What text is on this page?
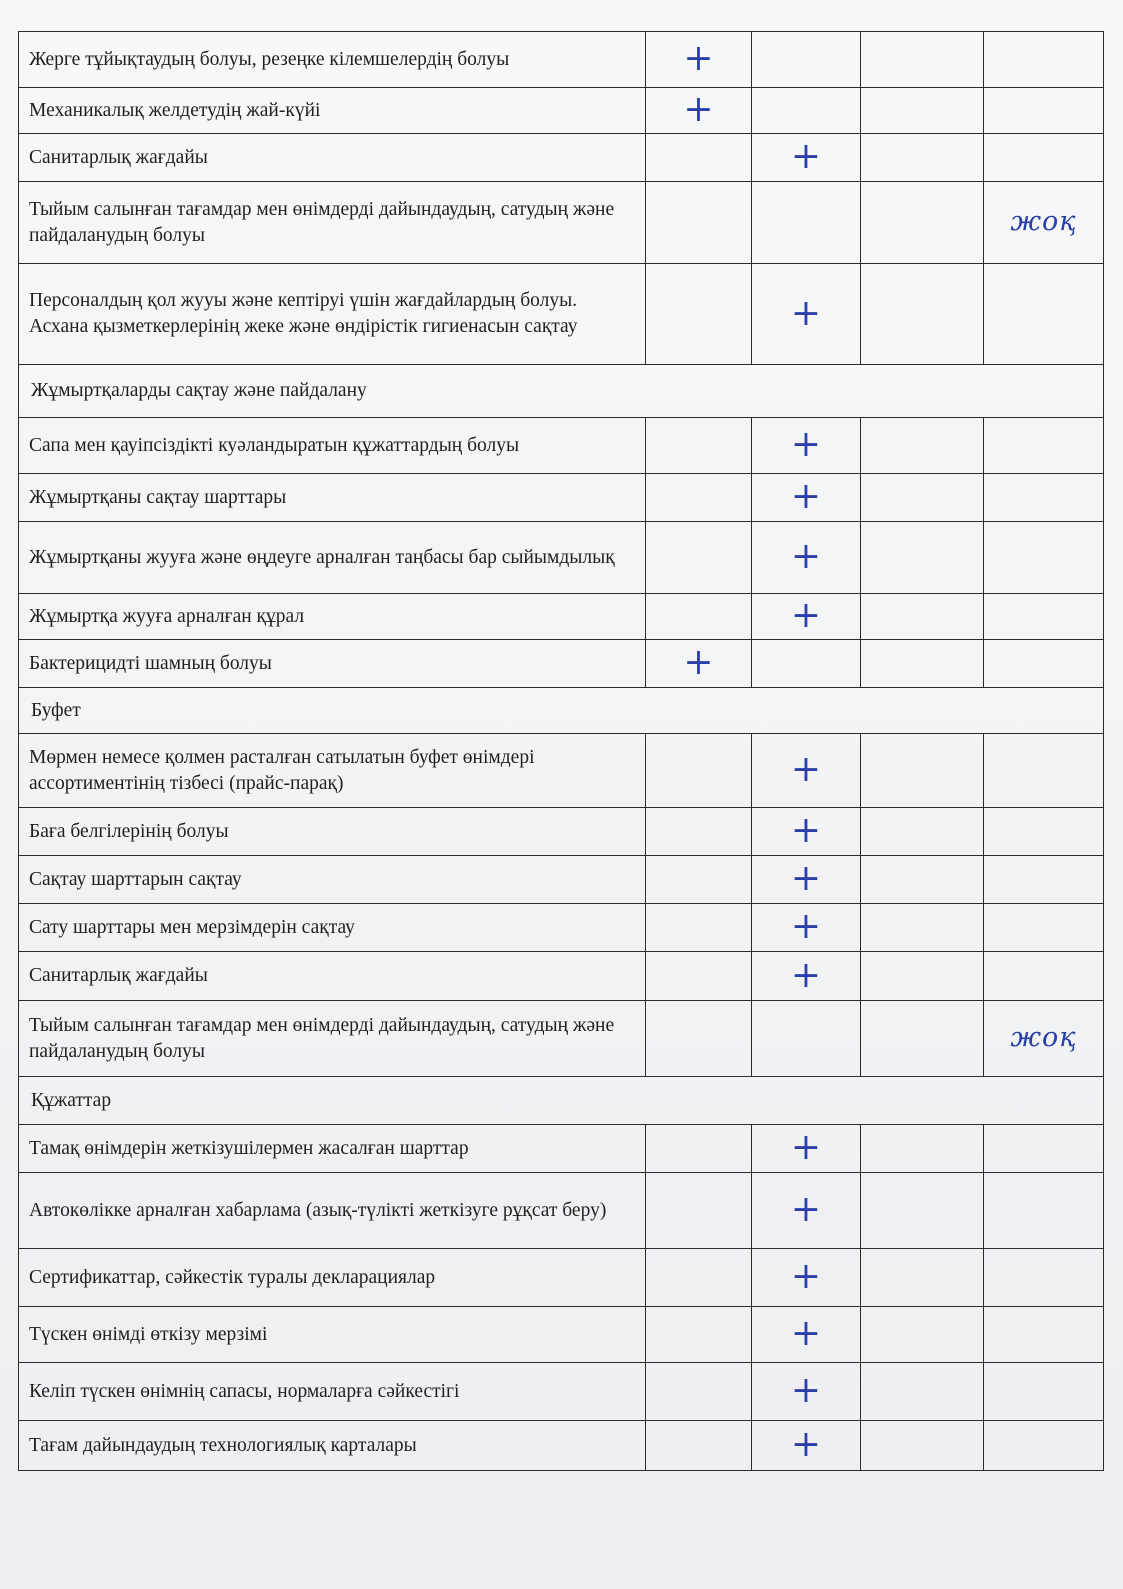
Жерге тұйықтаудың болуы, резеңке кілемшелердің болуы	+			
Механикалық желдетудің жай-күйі	+			
Санитарлық жағдайы		+		
Тыйым салынған тағамдар мен өнімдерді дайындаудың, сатудың және пайдаланудың болуы				жоқ
Персоналдың қол жууы және кептіруі үшін жағдайлардың болуы. Асхана қызметкерлерінің жеке және өндірістік гигиенасын сақтау		+		
Жұмыртқаларды сақтау және пайдалану				
Сапа мен қауіпсіздікті куәландыратын құжаттардың болуы		+		
Жұмыртқаны сақтау шарттары		+		
Жұмыртқаны жууға және өңдеуге арналған таңбасы бар сыйымдылық		+		
Жұмыртқа жууға арналған құрал		+		
Бактерицидті шамның болуы	+			
Буфет				
Мөрмен немесе қолмен расталған сатылатын буфет өнімдері ассортиментінің тізбесі (прайс-парақ)		+		
Баға белгілерінің болуы		+		
Сақтау шарттарын сақтау		+		
Сату шарттары мен мерзімдерін сақтау		+		
Санитарлық жағдайы		+		
Тыйым салынған тағамдар мен өнімдерді дайындаудың, сатудың және пайдаланудың болуы				жоқ
Құжаттар				
Тамақ өнімдерін жеткізушілермен жасалған шарттар		+		
Автокөлікке арналған хабарлама (азық-түлікті жеткізуге рұқсат беру)		+		
Сертификаттар, сәйкестік туралы декларациялар		+		
Түскен өнімді өткізу мерзімі		+		
Келіп түскен өнімнің сапасы, нормаларға сәйкестігі		+		
Тағам дайындаудың технологиялық карталары		+		
